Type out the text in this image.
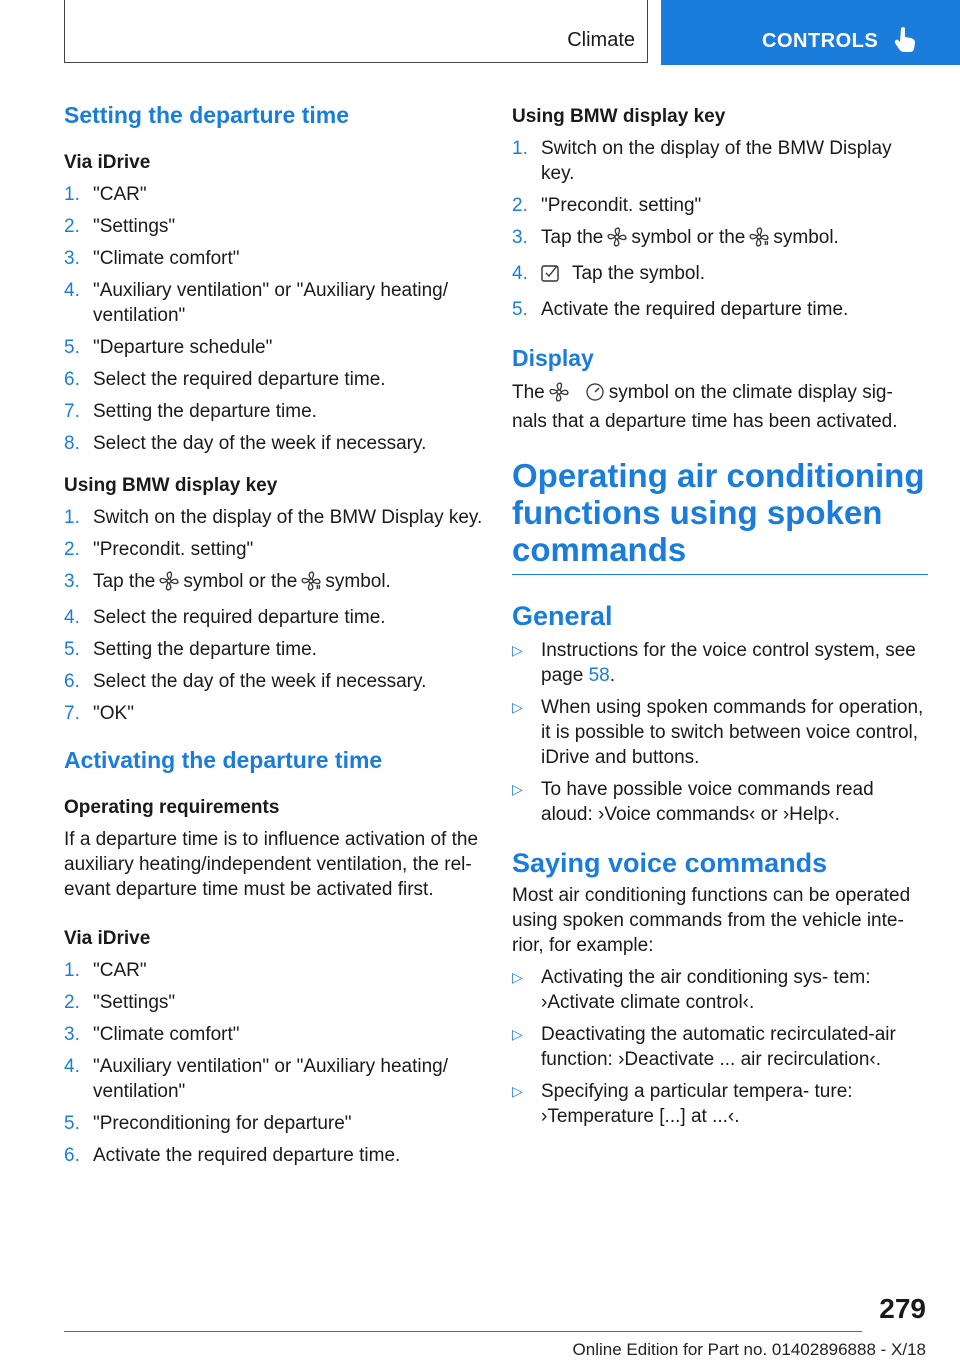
Climate	CONTROLS
Setting the departure time

Via iDrive

1. "CAR"
2. "Settings"
3. "Climate comfort"
4. "Auxiliary ventilation" or "Auxiliary heating/ ventilation"
5. "Departure schedule"
6. Select the required departure time.
7. Setting the departure time.
8. Select the day of the week if necessary.

Using BMW display key

1. Switch on the display of the BMW Display key.
2. "Precondit. setting"
3. Tap the symbol or the symbol.
4. Select the required departure time.
5. Setting the departure time.
6. Select the day of the week if necessary.
7. "OK"
Activating the departure time

Operating requirements

If a departure time is to influence activation of the auxiliary heating/independent ventilation, the rel‐ evant departure time must be activated first.

Via iDrive

1. "CAR"
2. "Settings"
3. "Climate comfort"
4. "Auxiliary ventilation" or "Auxiliary heating/ ventilation"
5. "Preconditioning for departure"
6. Activate the required departure time.

Using BMW display key

1. Switch on the display of the BMW Display key.
2. "Precondit. setting"
3. Tap the symbol or the symbol.
4. Tap the symbol.
5. Activate the required departure time.
Display

The	symbol on the climate display sig‐ nals that a departure time has been activated.

Operating air conditioning functions using spoken commands
General
▷ Instructions for the voice control system, see page 58.
▷ When using spoken commands for operation, it is possible to switch between voice control, iDrive and buttons.
▷ To have possible voice commands read aloud: ›Voice commands‹ or ›Help‹.
Saying voice commands

Most air conditioning functions can be operated using spoken commands from the vehicle inte‐ rior, for example:

▷ Activating the air conditioning sys‐ tem: ›Activate climate control‹.
▷ Deactivating the automatic recirculated-air function: ›Deactivate ... air recirculation‹.
▷ Specifying a particular tempera‐ ture: ›Temperature [...] at ...‹.
279
Online Edition for Part no. 01402896888 - X/18
